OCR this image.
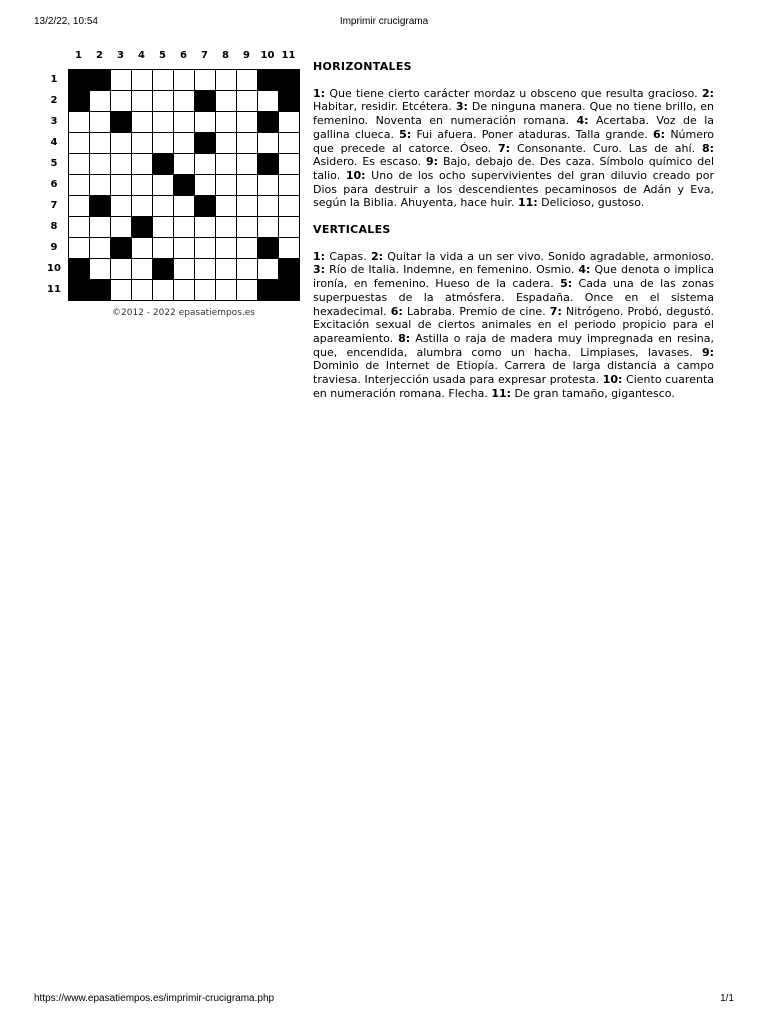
13/2/22, 10:54	Imprimir crucigrama
1	2	3	4	5	6	7	8	9	10 11
1
2
3
4
5
6
7
8
9
10
11
©2012 - 2022 epasatiempos.es
HORIZONTALES

1: Que tiene cierto carácter mordaz u obsceno que resulta gracioso. 2: Habitar, residir. Etcétera. 3: De ninguna manera. Que no tiene brillo, en femenino. Noventa en numeración romana. 4: Acertaba. Voz de la gallina clueca. 5: Fui afuera. Poner ataduras. Talla grande. 6: Número que precede al catorce. Óseo. 7: Consonante. Curo. Las de ahí. 8: Asidero. Es escaso. 9: Bajo, debajo de. Des caza. Símbolo químico del talio. 10: Uno de los ocho supervivientes del gran diluvio creado por Dios para destruir a los descendientes pecaminosos de Adán y Eva, según la Biblia. Ahuyenta, hace huir. 11: Delicioso, gustoso.

VERTICALES

1: Capas. 2: Quitar la vida a un ser vivo. Sonido agradable, armonioso. 3: Río de Italia. Indemne, en femenino. Osmio. 4: Que denota o implica ironía, en femenino. Hueso de la cadera. 5: Cada una de las zonas superpuestas de la atmósfera. Espadaña. Once en el sistema hexadecimal. 6: Labraba. Premio de cine. 7: Nitrógeno. Probó, degustó. Excitación sexual de ciertos animales en el periodo propicio para el apareamiento. 8: Astilla o raja de madera muy impregnada en resina, que, encendida, alumbra como un hacha. Limpiases, lavases. 9: Dominio de Internet de Etiopía. Carrera de larga distancia a campo traviesa. Interjección usada para expresar protesta. 10: Ciento cuarenta en numeración romana. Flecha. 11: De gran tamaño, gigantesco.

https://www.epasatiempos.es/imprimir-crucigrama.php	1/1
